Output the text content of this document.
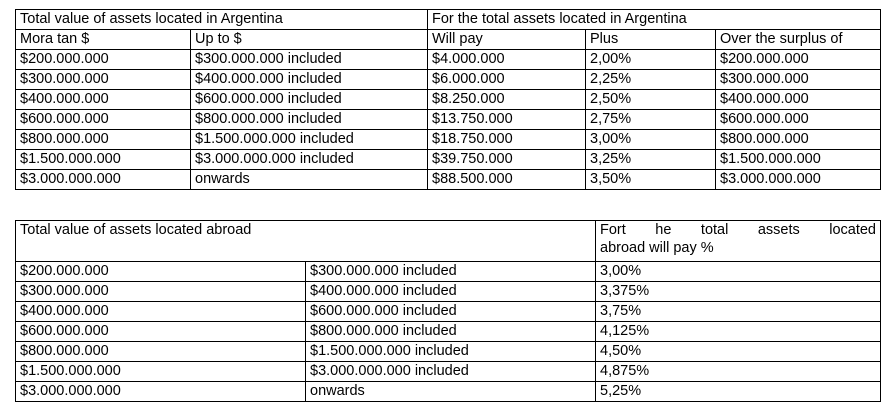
Total value of assets located in Argentina		For the total assets located in Argentina		
Mora tan $	Up to $	Will pay	Plus	Over the surplus of
$200.000.000	$300.000.000 included	$4.000.000	2,00%	$200.000.000
$300.000.000	$400.000.000 included	$6.000.000	2,25%	$300.000.000
$400.000.000	$600.000.000 included	$8.250.000	2,50%	$400.000.000
$600.000.000	$800.000.000 included	$13.750.000	2,75%	$600.000.000
$800.000.000	$1.500.000.000 included	$18.750.000	3,00%	$800.000.000
$1.500.000.000	$3.000.000.000 included	$39.750.000	3,25%	$1.500.000.000
$3.000.000.000	onwards	$88.500.000	3,50%	$3.000.000.000
Total value of assets located abroad		Fort he total assets located
abroad will pay %

$200.000.000	$300.000.000 included	3,00%
$300.000.000	$400.000.000 included	3,375%
$400.000.000	$600.000.000 included	3,75%
$600.000.000	$800.000.000 included	4,125%
$800.000.000	$1.500.000.000 included	4,50%
$1.500.000.000	$3.000.000.000 included	4,875%
$3.000.000.000	onwards	5,25%
